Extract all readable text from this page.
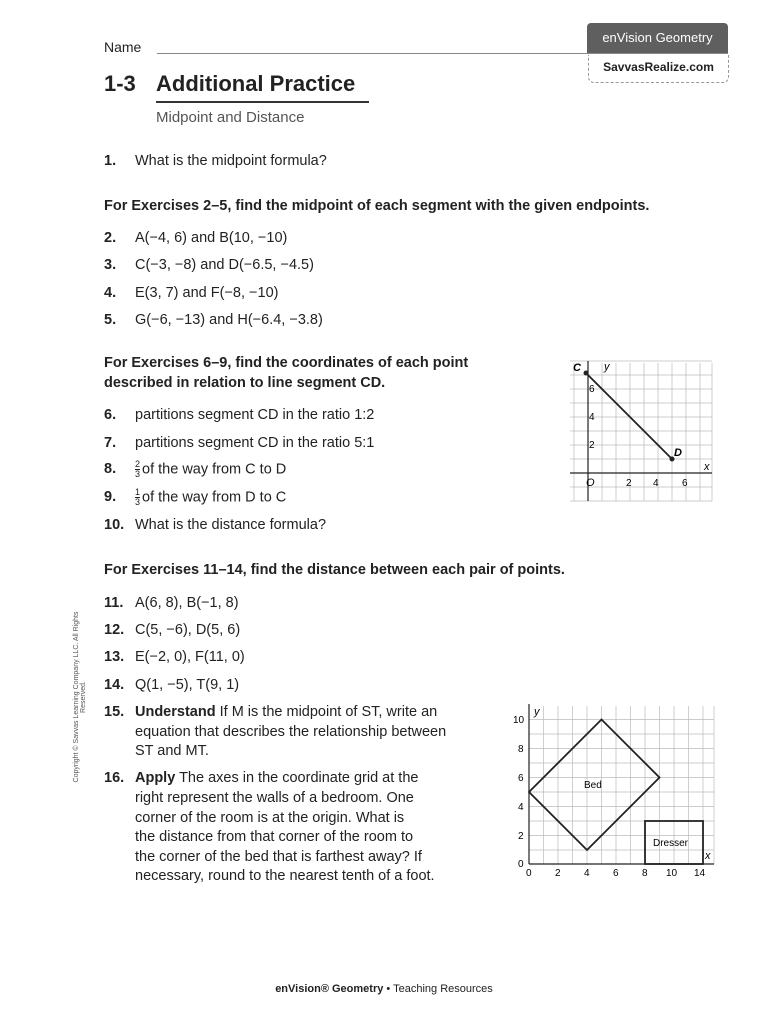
Name
enVision Geometry
SavvasRealize.com
1-3 Additional Practice
Midpoint and Distance
1. What is the midpoint formula?
For Exercises 2–5, find the midpoint of each segment with the given endpoints.
2. A(−4, 6) and B(10, −10)
3. C(−3, −8) and D(−6.5, −4.5)
4. E(3, 7) and F(−8, −10)
5. G(−6, −13) and H(−6.4, −3.8)
For Exercises 6–9, find the coordinates of each point
described in relation to line segment CD.
6. partitions segment CD in the ratio 1:2
7. partitions segment CD in the ratio 5:1
8. $\frac{2}{3}$ of the way from C to D
9. $\frac{1}{3}$ of the way from D to C
10. What is the distance formula?
C
D
y
x
O
6
4
2
2 4 6
For Exercises 11–14, find the distance between each pair of points.
11. A(6, 8), B(−1, 8)
12. C(5, −6), D(5, 6)
13. E(−2, 0), F(11, 0)
14. Q(1, −5), T(9, 1)
15. Understand If M is the midpoint of ST, write an
equation that describes the relationship between
ST and MT.
16. Apply The axes in the coordinate grid at the
right represent the walls of a bedroom. One
corner of the room is at the origin. What is
the distance from that corner of the room to
the corner of the bed that is farthest away? If
necessary, round to the nearest tenth of a foot.
Bed
Dresser
y
x
10
8
6
4
2
0
0 2 4 6 8 10 14
Copyright © Savvas Learning Company LLC. All Rights Reserved.
enVision® Geometry • Teaching Resources
